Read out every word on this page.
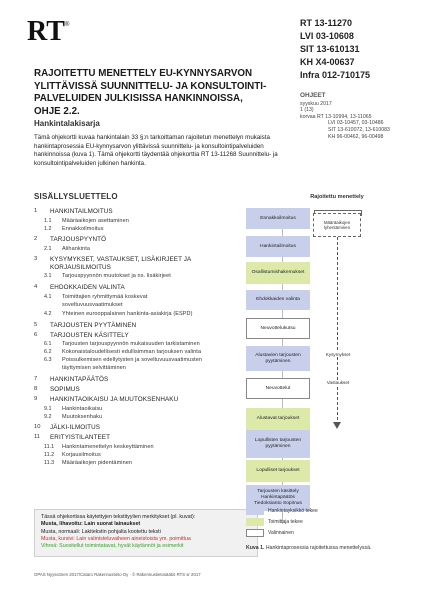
RT ®	RT 13-11270
LVI 03-10608
SIT 13-610131
KH X4-00637
Infra 012-710175
RAJOITETTU MENETTELY EU-KYNNYSARVON YLITTÄVISSÄ SUUNNITTELU- JA KONSULTOINTI-PALVELUIDEN JULKISISSA HANKINNOISSA, OHJE 2.2.
Hankintalakisarja
OHJEET
syyskuu 2017
1 (13)
korvaa RT 13-10994, 13-11065
LVI 03-10457, 03-10486
SIT 13-610072, 13-610083
KH 96-00462, 96-00498
Tämä ohjekortti kuvaa hankintalain 33 §:n tarkoittaman rajoitetun menettelyn mukaista hankintaprosessia EU-kynnysarvon ylittävissä suunnittelu- ja konsultointipalveluiden hankinnoissa (kuva 1). Tämä ohjekortti täydentää ohjekorttia RT 13-11268 Suunnittelu- ja konsultointipalveluiden julkinen hankinta.
SISÄLLYSLUETTELO
1 HANKINTAILMOITUS
1.1 Määräaikojen asettaminen
1.2 Ennakkoilmoitus
2 TARJOUSPYYNTÖ
2.1 Alihankinta
3 KYSYMYKSET, VASTAUKSET, LISÄKIRJEET JA
KORJAUSILMOITUS
3.1 Tarjouspyynnön muutokset ja ns. lisäkirjeet
4 EHDOKKAIDEN VALINTA
4.1 Toimittajien ryhmittymää koskevat
soveltuvuusvaatimukset
4.2 Yhteinen eurooppalainen hankinta-asiakirja (ESPD)
5 TARJOUSTEN PYYTÄMINEN
6 TARJOUSTEN KÄSITTELY
6.1 Tarjousten tarjouspyynnön mukaisuuden tarkistaminen
6.2 Kokonaistaloudellisesti edullisimman tarjouksen valinta
6.3 Poissulkemisen edellytysten ja soveltuvuusvaatimusten
täyttymisen selvittäminen
7 HANKINTAPÄÄTÖS
8 SOPIMUS
9 HANKINTAOIKAISU JA MUUTOKSENHAKU
9.1 Hankintaoikaisu
9.2 Muutoksenhaku
10 JÄLKI-ILMOITUS
11 ERITYISTILANTEET
11.1 Hankintamenettelyn keskeyttäminen
11.2 Korjausilmoitus
11.3 Määräaikojen pidentäminen
Tässä ohjekortissa käytettyjen tekstityylien merkitykset (pl. kuvat):
Musta, lihavoitu: Lain suorat lainaukset
Musta, normaali: Lakitekstin pohjalta kootettu teksti
Musta, kursivi: Lain valmisteluvaiheen aineistoista ym. poimittua
Vihreä: Suositellut toimintatavat, hyvät käytännöt ja esimerkit
Rajoitettu menettely
Ennakkoilmoitus
Hankintailmoitus
Osallistumishakemukset
Ehdokkaiden valinta
Neuvottelukutsu
Alustavien tarjousten pyytäminen
Neuvottelut
Alustavat tarjoukset
Lopullisten tarjousten pyytäminen
Lopulliset tarjoukset
Tarjousten käsittely Hankintapäätös Tiedoksianto Sopimus
Määräaikojen lyhentäminen
Kysymykset
Vastaukset
Hankintayksikkö tekee
Toimittaja tekee
Valinnainen
Kuva 1. Hankintaprosessia rajoitettussa menettelyssä.
OPAS Nyyssönen 2017/Cataro Rakennustieto Oy · © Rakennustietosäätiö RTS sr 2017
